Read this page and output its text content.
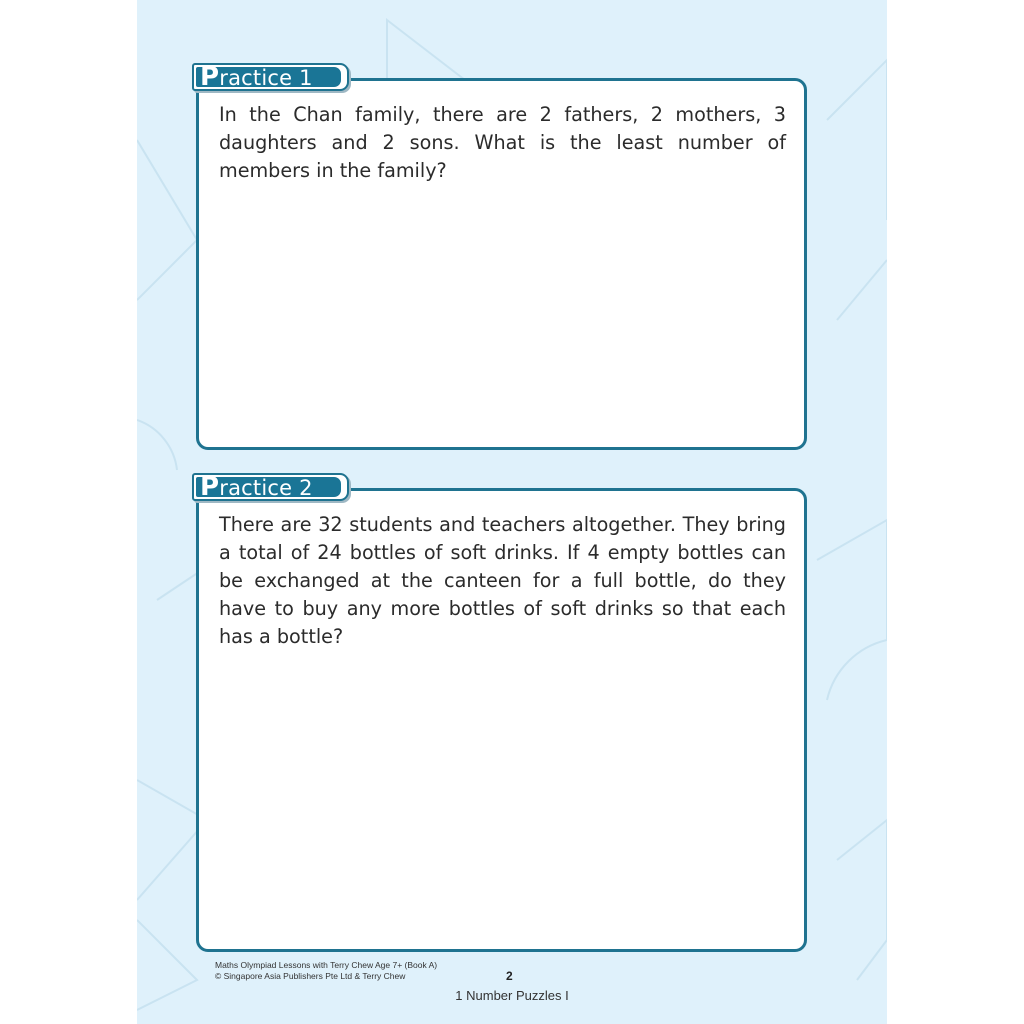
In the Chan family, there are 2 fathers, 2 mothers, 3 daughters and 2 sons. What is the least number of members in the family?

Practice 1

There are 32 students and teachers altogether. They bring a total of 24 bottles of soft drinks. If 4 empty bottles can be exchanged at the canteen for a full bottle, do they have to buy any more bottles of soft drinks so that each has a bottle?

Practice 2
Maths Olympiad Lessons with Terry Chew Age 7+ (Book A)
© Singapore Asia Publishers Pte Ltd & Terry Chew	2
1 Number Puzzles I
